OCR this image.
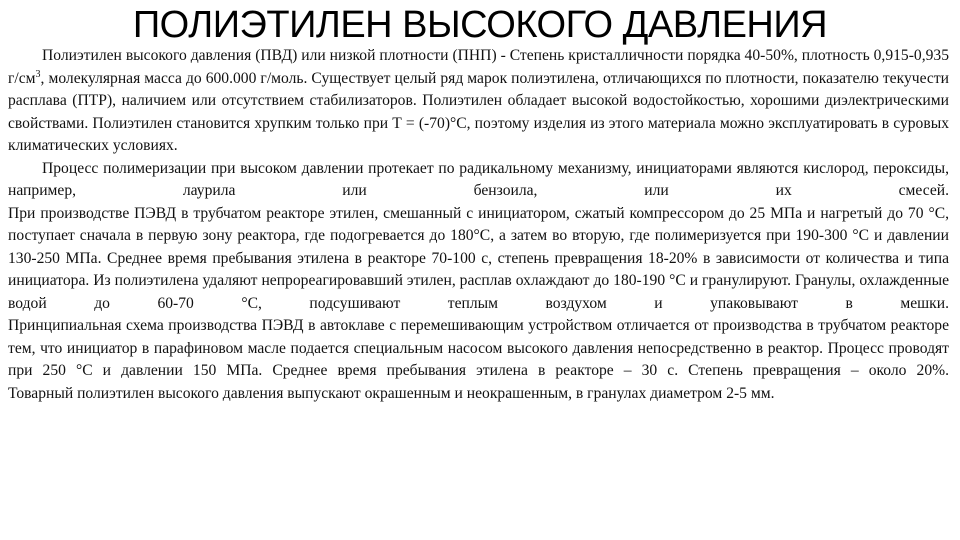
ПОЛИЭТИЛЕН ВЫСОКОГО ДАВЛЕНИЯ

Полиэтилен высокого давления (ПВД) или низкой плотности (ПНП) - Степень кристалличности порядка 40-50%, плотность 0,915-0,935 $г/см^3$, молекулярная масса до 600.000 г/моль. Существует целый ряд марок полиэтилена, отличающихся по плотности, показателю текучести расплава (ПТР), наличием или отсутствием стабилизаторов. Полиэтилен обладает высокой водостойкостью, хорошими диэлектрическими свойствами. Полиэтилен становится хрупким только при Т = (-70)°С, поэтому изделия из этого материала можно эксплуатировать в суровых климатических условиях.

Процесс полимеризации при высоком давлении протекает по радикальному механизму, инициаторами являются кислород, пероксиды, например, лаурила или бензоила, или их смесей.

При производстве ПЭВД в трубчатом реакторе этилен, смешанный с инициатором, сжатый компрессором до 25 МПа и нагретый до 70 °С, поступает сначала в первую зону реактора, где подогревается до 180°С, а затем во вторую, где полимеризуется при 190-300 °С и давлении 130-250 МПа. Среднее время пребывания этилена в реакторе 70-100 с, степень превращения 18-20% в зависимости от количества и типа инициатора. Из полиэтилена удаляют непрореагировавший этилен, расплав охлаждают до 180-190 °С и гранулируют. Гранулы, охлажденные водой до 60-70 °С, подсушивают теплым воздухом и упаковывают в мешки.

Принципиальная схема производства ПЭВД в автоклаве с перемешивающим устройством отличается от производства в трубчатом реакторе тем, что инициатор в парафиновом масле подается специальным насосом высокого давления непосредственно в реактор. Процесс проводят при 250 °С и давлении 150 МПа. Среднее время пребывания этилена в реакторе – 30 с. Степень превращения – около 20%.

Товарный полиэтилен высокого давления выпускают окрашенным и неокрашенным, в гранулах диаметром 2-5 мм.
